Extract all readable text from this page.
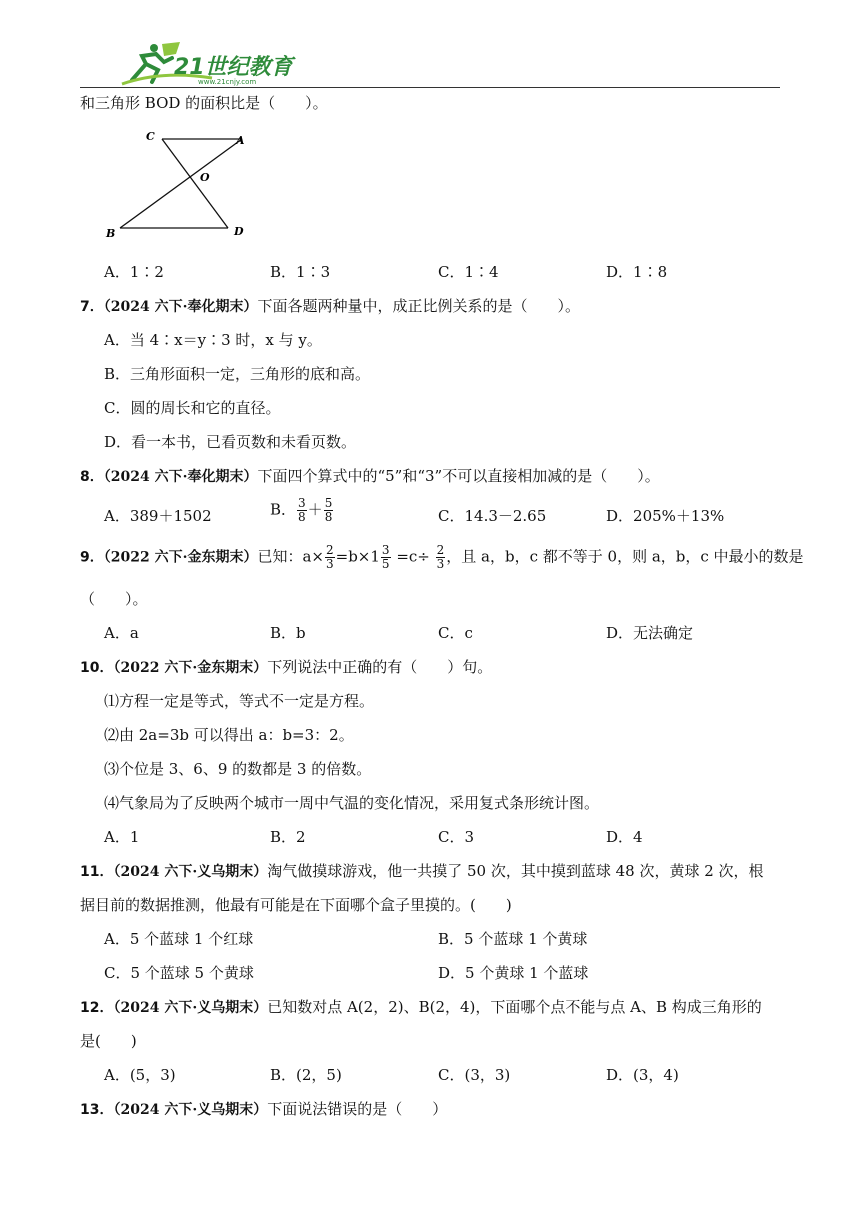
21世纪教育
www.21cnjy.com
和三角形 BOD 的面积比是（　　）。
C	A
O
B	D
A．1∶2	B．1∶3	C．1∶4	D．1∶8
7．（2024 六下·奉化期末）下面各题两种量中，成正比例关系的是（　　）。
A．当 4∶x＝y∶3 时，x 与 y。
B．三角形面积一定，三角形的底和高。
C．圆的周长和它的直径。
D．看一本书，已看页数和未看页数。
8．（2024 六下·奉化期末）下面四个算式中的“5”和“3”不可以直接相加减的是（　　）。
A．389＋1502	B． $\frac{3}{8} + \frac{5}{8}$	C．14.3－2.65	D．205%＋13%
9．（2022 六下·金东期末）已知：$a\times \frac{2}{3} =b\times 1 \frac{3}{5} =c\div \frac{2}{3}$ ，且 a，b，c 都不等于 0，则 a，b，c 中最小的数是
（　　）。
A．a	B．b	C．c	D．无法确定
10．（2022 六下·金东期末）下列说法中正确的有（　　）句。
⑴方程一定是等式，等式不一定是方程。
⑵由 2a=3b 可以得出 a：b=3：2。
⑶个位是 3、6、9 的数都是 3 的倍数。
⑷气象局为了反映两个城市一周中气温的变化情况，采用复式条形统计图。
A．1	B．2	C．3	D．4
11．（2024 六下·义乌期末）淘气做摸球游戏，他一共摸了 50 次，其中摸到蓝球 48 次，黄球 2 次，根
据目前的数据推测，他最有可能是在下面哪个盒子里摸的。(　　)
A．5 个蓝球 1 个红球	B．5 个蓝球 1 个黄球
C．5 个蓝球 5 个黄球	D．5 个黄球 1 个蓝球
12．（2024 六下·义乌期末）已知数对点 A(2，2)、B(2，4)，下面哪个点不能与点 A、B 构成三角形的
是(　　)
A．(5，3)	B．(2，5)	C．(3，3)	D．(3，4)
13．（2024 六下·义乌期末）下面说法错误的是（　　）
